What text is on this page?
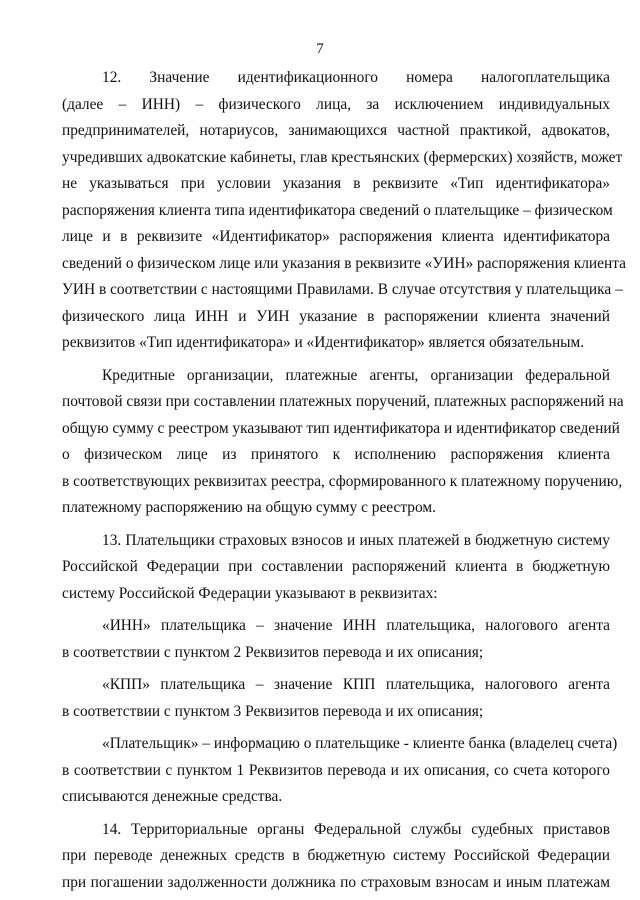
7
12. Значение идентификационного номера налогоплательщика
(далее – ИНН) – физического лица, за исключением индивидуальных
предпринимателей, нотариусов, занимающихся частной практикой, адвокатов,
учредивших адвокатские кабинеты, глав крестьянских (фермерских) хозяйств, может
не указываться при условии указания в реквизите «Тип идентификатора»
распоряжения клиента типа идентификатора сведений о плательщике – физическом
лице и в реквизите «Идентификатор» распоряжения клиента идентификатора
сведений о физическом лице или указания в реквизите «УИН» распоряжения клиента
УИН в соответствии с настоящими Правилами. В случае отсутствия у плательщика –
физического лица ИНН и УИН указание в распоряжении клиента значений
реквизитов «Тип идентификатора» и «Идентификатор» является обязательным.
Кредитные организации, платежные агенты, организации федеральной
почтовой связи при составлении платежных поручений, платежных распоряжений на
общую сумму с реестром указывают тип идентификатора и идентификатор сведений
о физическом лице из принятого к исполнению распоряжения клиента
в соответствующих реквизитах реестра, сформированного к платежному поручению,
платежному распоряжению на общую сумму с реестром.
13. Плательщики страховых взносов и иных платежей в бюджетную систему
Российской Федерации при составлении распоряжений клиента в бюджетную
систему Российской Федерации указывают в реквизитах:
«ИНН» плательщика – значение ИНН плательщика, налогового агента
в соответствии с пунктом 2 Реквизитов перевода и их описания;
«КПП» плательщика – значение КПП плательщика, налогового агента
в соответствии с пунктом 3 Реквизитов перевода и их описания;
«Плательщик» – информацию о плательщике - клиенте банка (владелец счета)
в соответствии с пунктом 1 Реквизитов перевода и их описания, со счета которого
списываются денежные средства.
14. Территориальные органы Федеральной службы судебных приставов
при переводе денежных средств в бюджетную систему Российской Федерации
при погашении задолженности должника по страховым взносам и иным платежам
